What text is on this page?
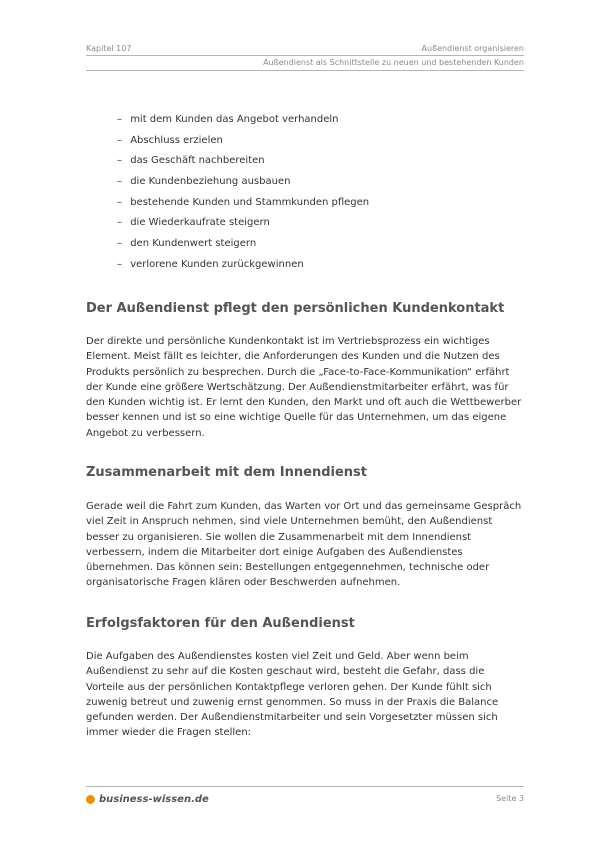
Kapitel 107	Außendienst organisieren
Außendienst als Schnittstelle zu neuen und bestehenden Kunden
– mit dem Kunden das Angebot verhandeln
– Abschluss erzielen
– das Geschäft nachbereiten
– die Kundenbeziehung ausbauen
– bestehende Kunden und Stammkunden pflegen
– die Wiederkaufrate steigern
– den Kundenwert steigern
– verlorene Kunden zurückgewinnen
Der Außendienst pflegt den persönlichen Kundenkontakt
Der direkte und persönliche Kundenkontakt ist im Vertriebsprozess ein wichtiges
Element. Meist fällt es leichter, die Anforderungen des Kunden und die Nutzen des
Produkts persönlich zu besprechen. Durch die „Face-to-Face-Kommunikation“ erfährt
der Kunde eine größere Wertschätzung. Der Außendienstmitarbeiter erfährt, was für
den Kunden wichtig ist. Er lernt den Kunden, den Markt und oft auch die Wettbewerber
besser kennen und ist so eine wichtige Quelle für das Unternehmen, um das eigene
Angebot zu verbessern.
Zusammenarbeit mit dem Innendienst
Gerade weil die Fahrt zum Kunden, das Warten vor Ort und das gemeinsame Gespräch
viel Zeit in Anspruch nehmen, sind viele Unternehmen bemüht, den Außendienst
besser zu organisieren. Sie wollen die Zusammenarbeit mit dem Innendienst
verbessern, indem die Mitarbeiter dort einige Aufgaben des Außendienstes
übernehmen. Das können sein: Bestellungen entgegennehmen, technische oder
organisatorische Fragen klären oder Beschwerden aufnehmen.
Erfolgsfaktoren für den Außendienst
Die Aufgaben des Außendienstes kosten viel Zeit und Geld. Aber wenn beim
Außendienst zu sehr auf die Kosten geschaut wird, besteht die Gefahr, dass die
Vorteile aus der persönlichen Kontaktpflege verloren gehen. Der Kunde fühlt sich
zuwenig betreut und zuwenig ernst genommen. So muss in der Praxis die Balance
gefunden werden. Der Außendienstmitarbeiter und sein Vorgesetzter müssen sich
immer wieder die Fragen stellen:
business-wissen.de	Seite 3
